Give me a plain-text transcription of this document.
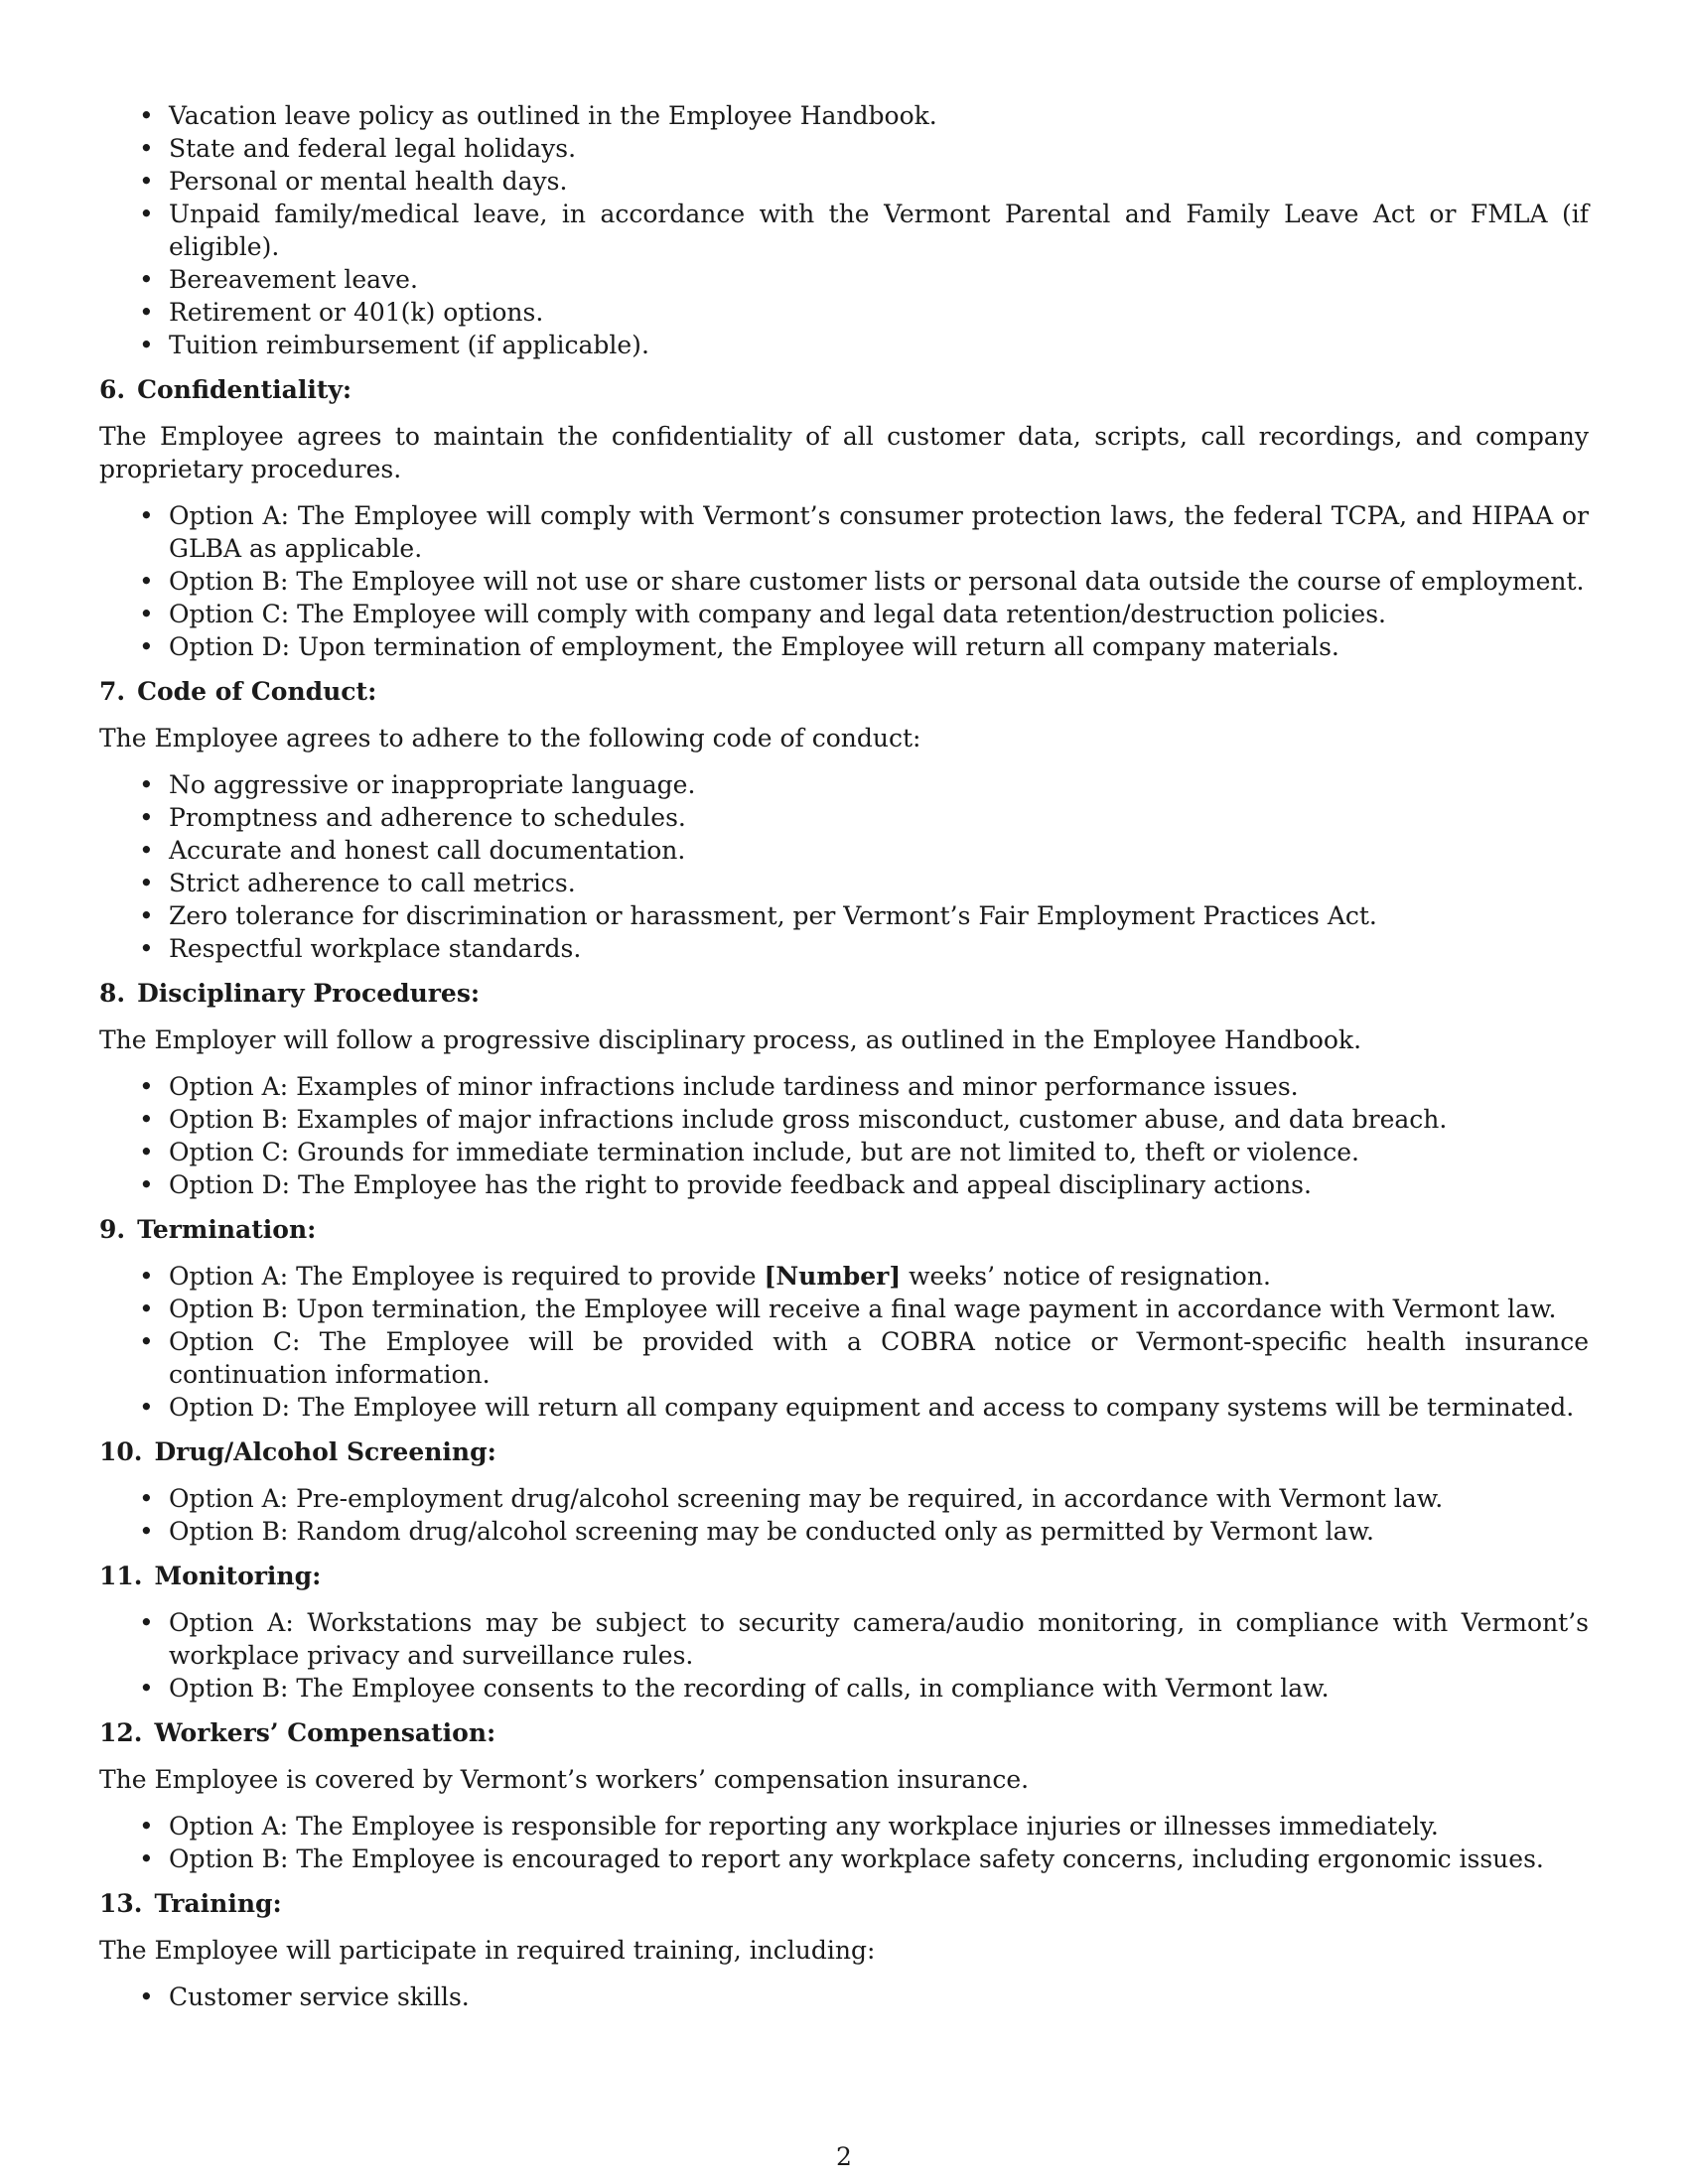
• Vacation leave policy as outlined in the Employee Handbook.
• State and federal legal holidays.
• Personal or mental health days.
• Unpaid family/medical leave, in accordance with the Vermont Parental and Family Leave Act or FMLA (if eligible).
• Bereavement leave.
• Retirement or 401(k) options.
• Tuition reimbursement (if applicable).
6. Confidentiality:

The Employee agrees to maintain the confidentiality of all customer data, scripts, call recordings, and company proprietary procedures.

• Option A: The Employee will comply with Vermont’s consumer protection laws, the federal TCPA, and HIPAA or GLBA as applicable.
• Option B: The Employee will not use or share customer lists or personal data outside the course of employment.
• Option C: The Employee will comply with company and legal data retention/destruction policies.
• Option D: Upon termination of employment, the Employee will return all company materials.
7. Code of Conduct:

The Employee agrees to adhere to the following code of conduct:

• No aggressive or inappropriate language.
• Promptness and adherence to schedules.
• Accurate and honest call documentation.
• Strict adherence to call metrics.
• Zero tolerance for discrimination or harassment, per Vermont’s Fair Employment Practices Act.
• Respectful workplace standards.
8. Disciplinary Procedures:

The Employer will follow a progressive disciplinary process, as outlined in the Employee Handbook.

• Option A: Examples of minor infractions include tardiness and minor performance issues.
• Option B: Examples of major infractions include gross misconduct, customer abuse, and data breach.
• Option C: Grounds for immediate termination include, but are not limited to, theft or violence.
• Option D: The Employee has the right to provide feedback and appeal disciplinary actions.
9. Termination:
• Option A: The Employee is required to provide [Number] weeks’ notice of resignation.
• Option B: Upon termination, the Employee will receive a final wage payment in accordance with Vermont law.
• Option C: The Employee will be provided with a COBRA notice or Vermont-specific health insurance continuation information.
• Option D: The Employee will return all company equipment and access to company systems will be terminated.
10. Drug/Alcohol Screening:
• Option A: Pre-employment drug/alcohol screening may be required, in accordance with Vermont law.
• Option B: Random drug/alcohol screening may be conducted only as permitted by Vermont law.
11. Monitoring:
• Option A: Workstations may be subject to security camera/audio monitoring, in compliance with Vermont’s workplace privacy and surveillance rules.
• Option B: The Employee consents to the recording of calls, in compliance with Vermont law.
12. Workers’ Compensation:

The Employee is covered by Vermont’s workers’ compensation insurance.

• Option A: The Employee is responsible for reporting any workplace injuries or illnesses immediately.
• Option B: The Employee is encouraged to report any workplace safety concerns, including ergonomic issues.
13. Training:

The Employee will participate in required training, including:

• Customer service skills.
2
